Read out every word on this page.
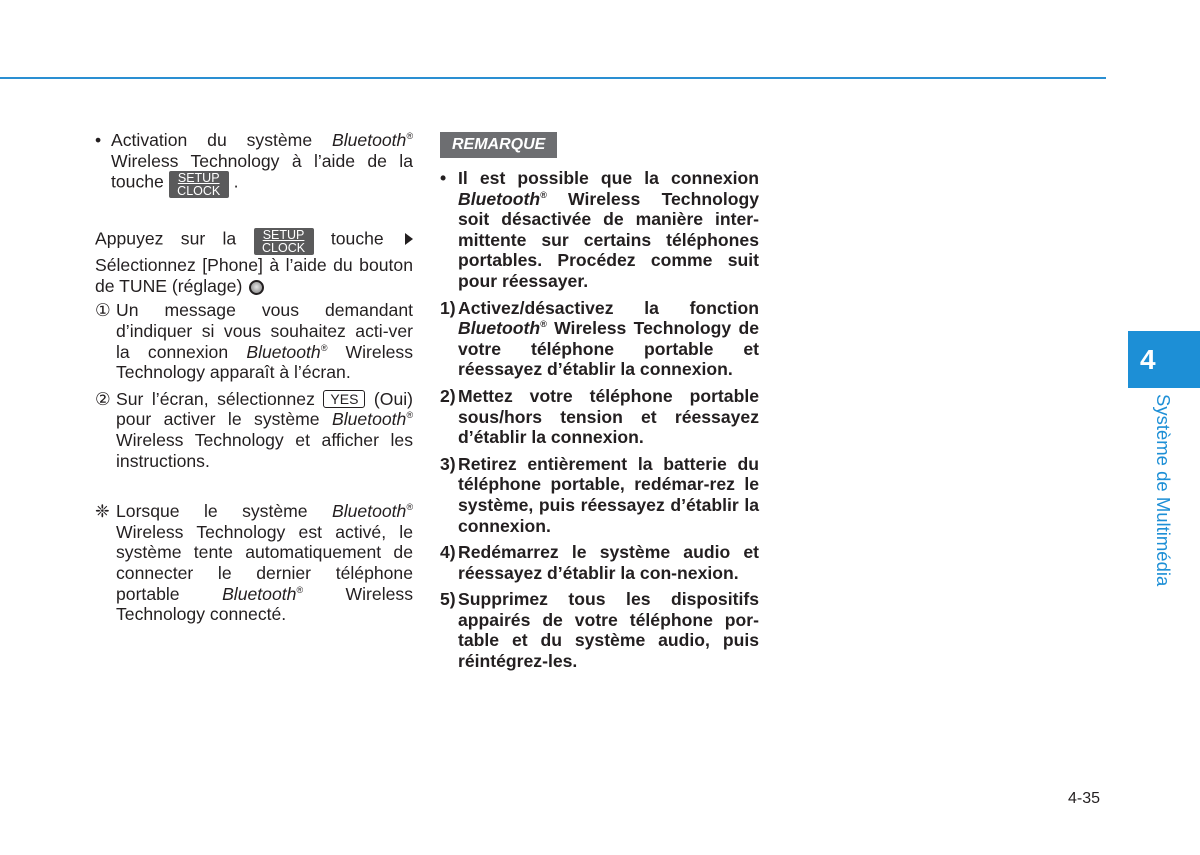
• Activation du système Bluetooth® Wireless Technology à l’aide de la touche SETUP
CLOCK .
Appuyez sur la SETUP
CLOCK touche  Sélectionnez [Phone] à l’aide du bouton de TUNE (réglage)
① Un message vous demandant d’indiquer si vous souhaitez acti-ver la connexion Bluetooth® Wireless Technology apparaît à l’écran.
② Sur l’écran, sélectionnez YES (Oui) pour activer le système Bluetooth® Wireless Technology et afficher les instructions.
❈ Lorsque le système Bluetooth® Wireless Technology est activé, le système tente automatiquement de connecter le dernier téléphone portable Bluetooth® Wireless Technology connecté.
REMARQUE
• Il est possible que la connexion Bluetooth® Wireless Technology soit désactivée de manière inter-mittente sur certains téléphones portables. Procédez comme suit pour réessayer.
1) Activez/désactivez la fonction Bluetooth® Wireless Technology de votre téléphone portable et réessayez d’établir la connexion.
2) Mettez votre téléphone portable sous/hors tension et réessayez d’établir la connexion.
3) Retirez entièrement la batterie du téléphone portable, redémar-rez le système, puis réessayez d’établir la connexion.
4) Redémarrez le système audio et réessayez d’établir la con-nexion.
5) Supprimez tous les dispositifs appairés de votre téléphone por-table et du système audio, puis réintégrez-les.
4
Système de Multimédia
4-35
